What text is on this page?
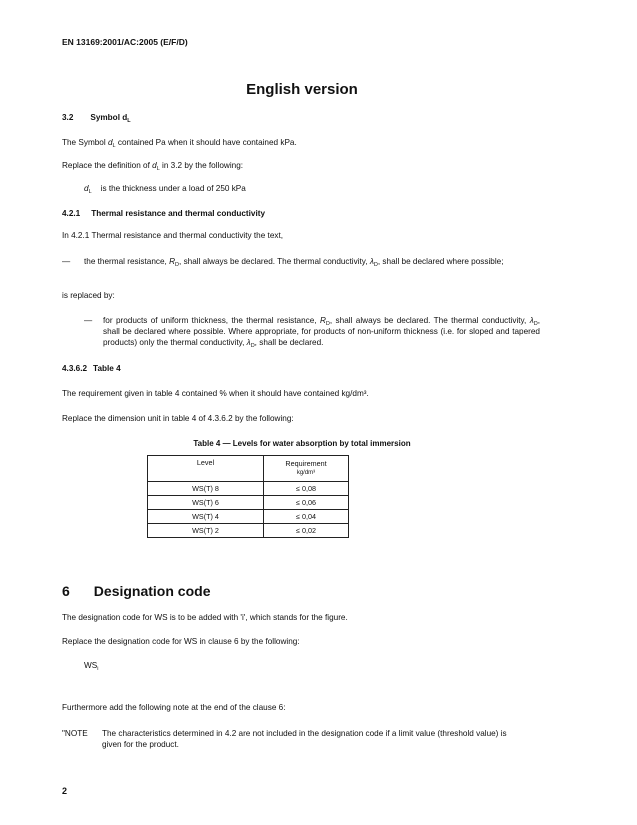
EN 13169:2001/AC:2005 (E/F/D)
English version
3.2 Symbol $d_L$
The Symbol $d_L$ contained Pa when it should have contained kPa.
Replace the definition of $d_L$ in 3.2 by the following:
$d_L$ is the thickness under a load of 250 kPa
4.2.1 Thermal resistance and thermal conductivity
In 4.2.1 Thermal resistance and thermal conductivity the text,
— the thermal resistance, $R_D$, shall always be declared. The thermal conductivity, $\lambda_D$, shall be declared where possible;
is replaced by:
— for products of uniform thickness, the thermal resistance, $R_D$, shall always be declared. The thermal conductivity, $\lambda_D$, shall be declared where possible. Where appropriate, for products of non-uniform thickness (i.e. for sloped and tapered products) only the thermal conductivity, $\lambda_D$, shall be declared.
4.3.6.2 Table 4
The requirement given in table 4 contained % when it should have contained kg/dm³.
Replace the dimension unit in table 4 of 4.3.6.2 by the following:
Table 4 — Levels for water absorption by total immersion
Level	Requirement
kg/dm³
WS(T) 8	≤ 0,08
WS(T) 6	≤ 0,06
WS(T) 4	≤ 0,04
WS(T) 2	≤ 0,02
6 Designation code
The designation code for WS is to be added with 'i', which stands for the figure.
Replace the designation code for WS in clause 6 by the following:
$WS_i$
Furthermore add the following note at the end of the clause 6:
"NOTE The characteristics determined in 4.2 are not included in the designation code if a limit value (threshold value) is given for the product.
2
